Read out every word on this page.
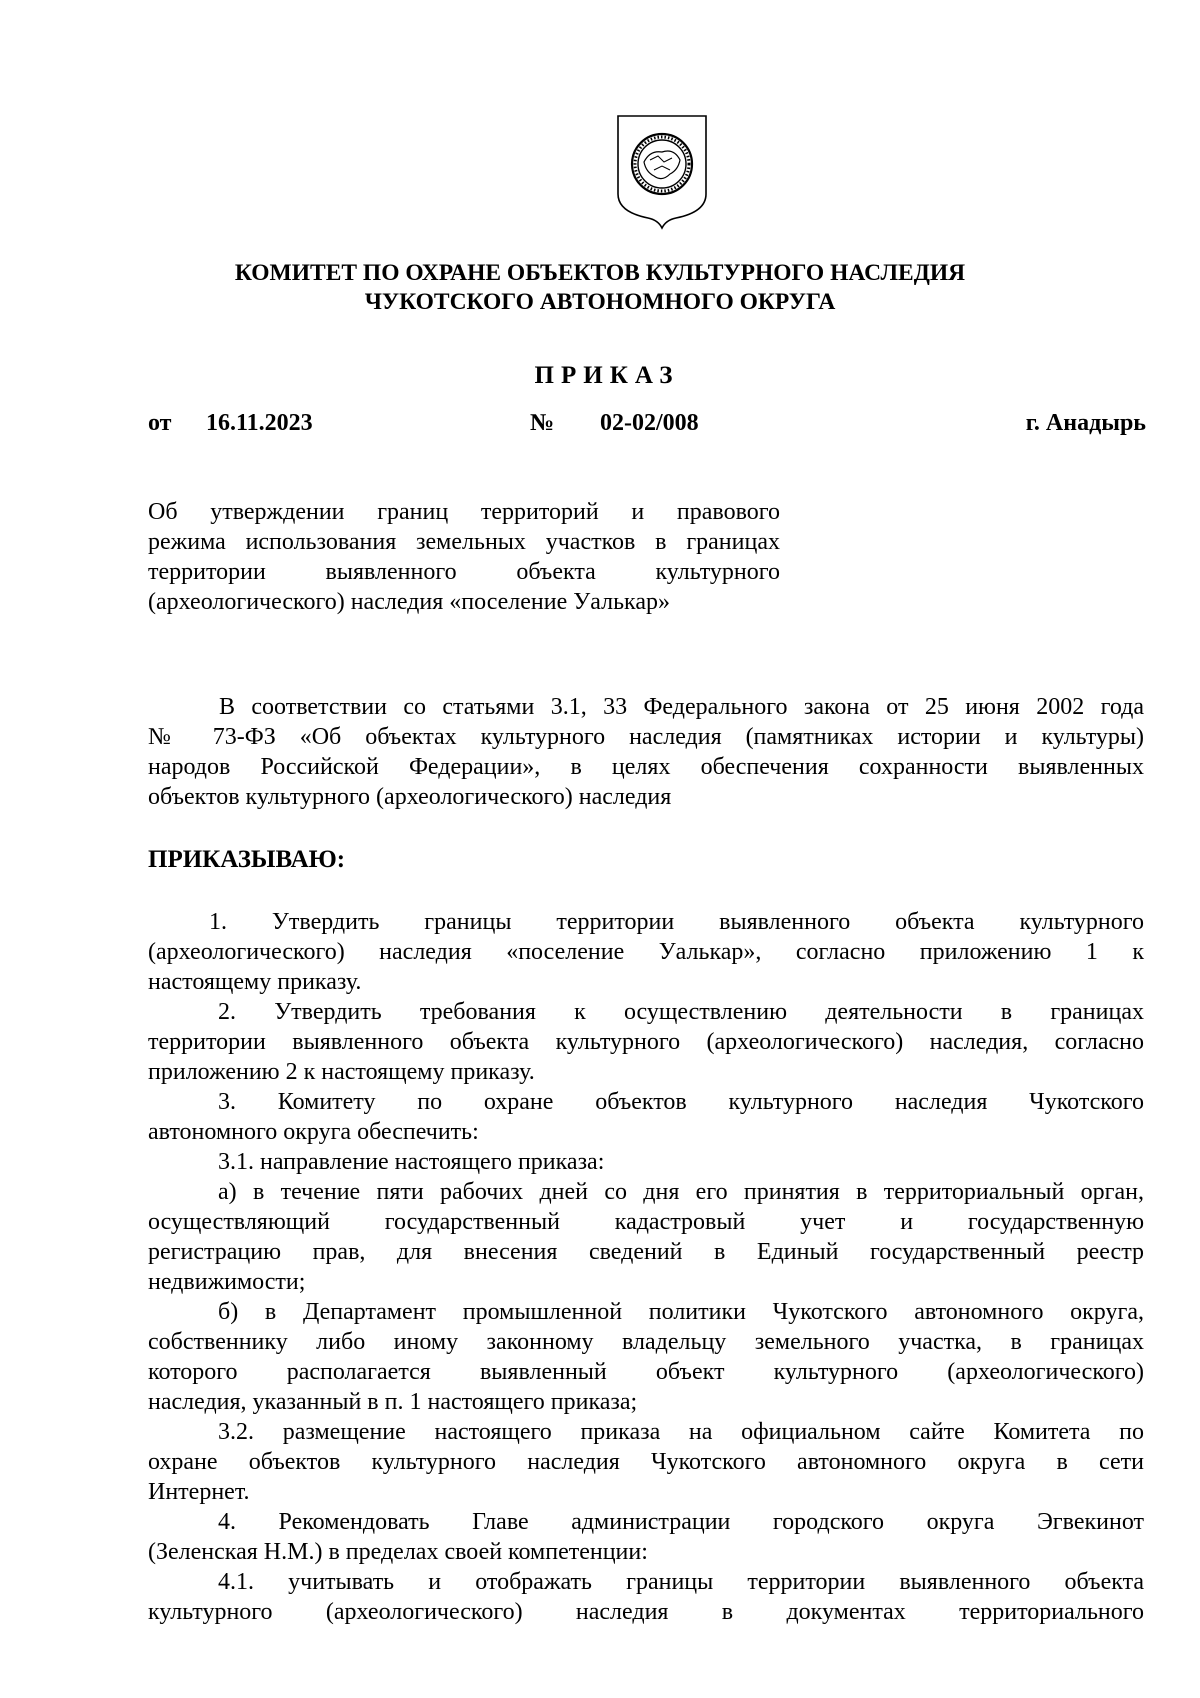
КОМИТЕТ ПО ОХРАНЕ ОБЪЕКТОВ КУЛЬТУРНОГО НАСЛЕДИЯ
ЧУКОТСКОГО АВТОНОМНОГО ОКРУГА
ПРИКАЗ
от 16.11.2023	№ 02-02/008	г. Анадырь
Об утверждении границ территорий и правового
режима использования земельных участков в границах
территории выявленного объекта культурного
(археологического) наследия «поселение Уалькар»
В соответствии со статьями 3.1, 33 Федерального закона от 25 июня 2002 года
№ 73-ФЗ «Об объектах культурного наследия (памятниках истории и культуры)
народов Российской Федерации», в целях обеспечения сохранности выявленных
объектов культурного (археологического) наследия
ПРИКАЗЫВАЮ:
1. Утвердить границы территории выявленного объекта культурного
(археологического) наследия «поселение Уалькар», согласно приложению 1 к
настоящему приказу.
2. Утвердить требования к осуществлению деятельности в границах
территории выявленного объекта культурного (археологического) наследия, согласно
приложению 2 к настоящему приказу.
3. Комитету по охране объектов культурного наследия Чукотского
автономного округа обеспечить:
3.1. направление настоящего приказа:
а) в течение пяти рабочих дней со дня его принятия в территориальный орган,
осуществляющий государственный кадастровый учет и государственную
регистрацию прав, для внесения сведений в Единый государственный реестр
недвижимости;
б) в Департамент промышленной политики Чукотского автономного округа,
собственнику либо иному законному владельцу земельного участка, в границах
которого располагается выявленный объект культурного (археологического)
наследия, указанный в п. 1 настоящего приказа;
3.2. размещение настоящего приказа на официальном сайте Комитета по
охране объектов культурного наследия Чукотского автономного округа в сети
Интернет.
4. Рекомендовать Главе администрации городского округа Эгвекинот
(Зеленская Н.М.) в пределах своей компетенции:
4.1. учитывать и отображать границы территории выявленного объекта
культурного (археологического) наследия в документах территориального
